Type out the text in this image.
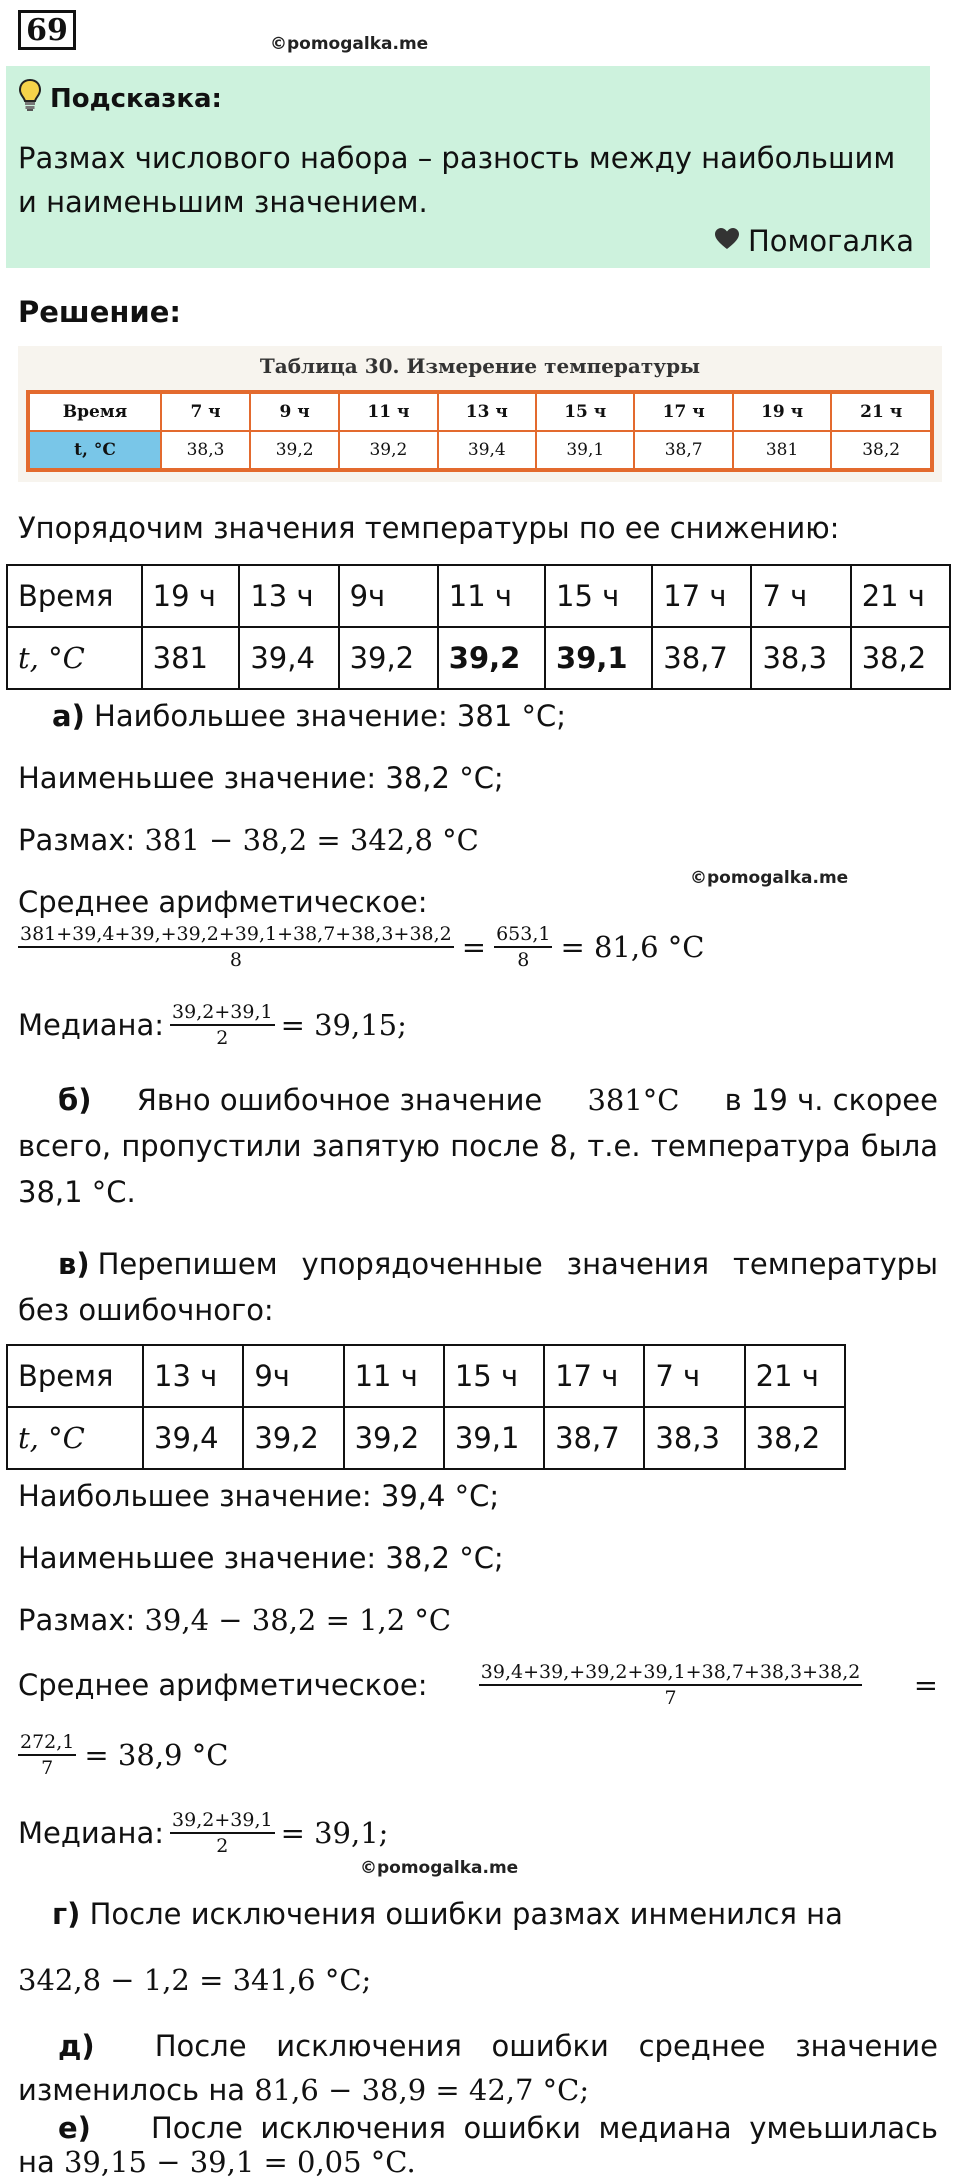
69	©pomogalka.me
Подсказка:
Размах числового набора – разность между наибольшим и наименьшим значением.
Помогалка
Решение:
Таблица 30. Измерение температуры
Время	7 ч	9 ч	11 ч	13 ч	15 ч	17 ч	19 ч	21 ч
t, °C	38,3	39,2	39,2	39,4	39,1	38,7	381	38,2
Упорядочим значения температуры по ее снижению:
Время	19 ч	13 ч	9ч	11 ч	15 ч	17 ч	7 ч	21 ч
t, °C	381	39,4	39,2	39,2	39,1	38,7	38,3	38,2
а) Наибольшее значение: 381 °C;
Наименьшее значение: 38,2 °C;
Размах: 381 − 38,2 = 342,8 °C
©pomogalka.me
Среднее арифметическое:
$\frac{381+39,4+39,+39,2+39,1+38,7+38,3+38,2}{8} = \frac{653,1}{8} = 81,6$ °C
Медиана: $\frac{39,2+39,1}{2} = 39,15$;
б) Явно ошибочное значение 381°C в 19 ч. скорее
всего, пропустили запятую после 8, т.е. температура была
38,1 °C.
в) Перепишем упорядоченные значения температуры
без ошибочного:
Время	13 ч	9ч	11 ч	15 ч	17 ч	7 ч	21 ч
t, °C	39,4	39,2	39,2	39,1	38,7	38,3	38,2
Наибольшее значение: 39,4 °C;
Наименьшее значение: 38,2 °C;
Размах: 39,4 − 38,2 = 1,2 °C
Среднее арифметическое:	$\frac{39,4+39,+39,2+39,1+38,7+38,3+38,2}{7}$ =
$\frac{272,1}{7} = 38,9$ °C
Медиана: $\frac{39,2+39,1}{2} = 39,1$;
©pomogalka.me
г) После исключения ошибки размах инменился на
342,8 − 1,2 = 341,6 °C;
д) После исключения ошибки среднее значение
изменилось на 81,6 − 38,9 = 42,7 °C;
е) После исключения ошибки медиана умеьшилась
на 39,15 − 39,1 = 0,05 °C.
